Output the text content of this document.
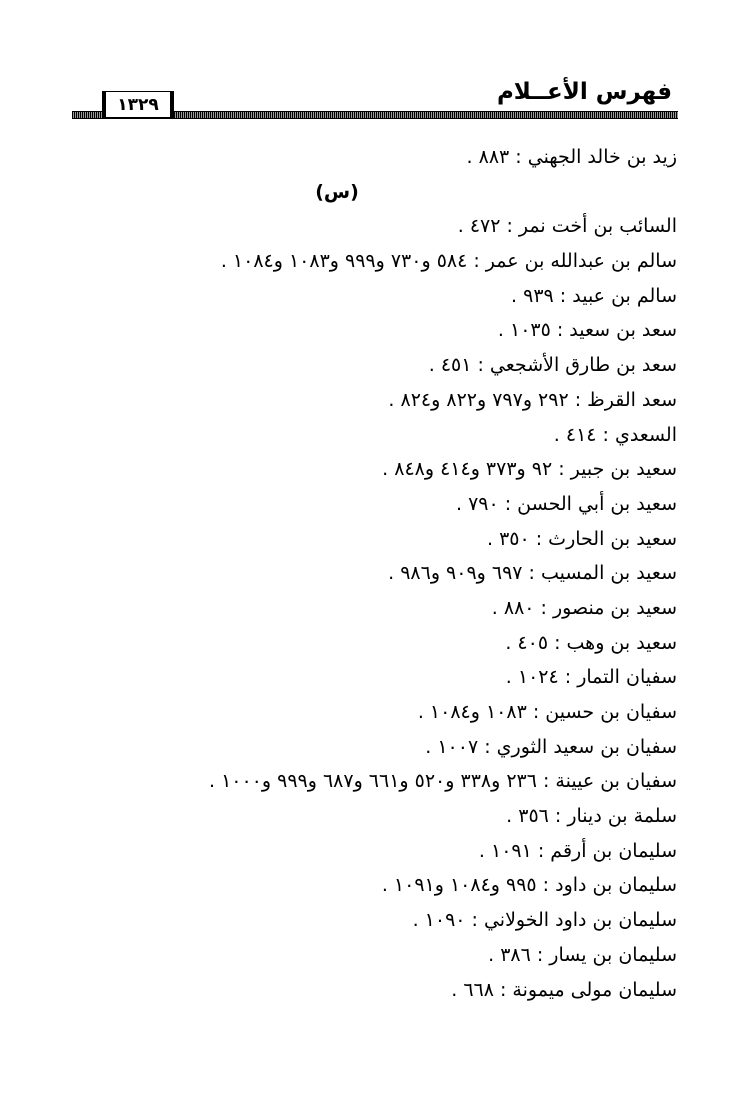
فهرس الأعــلام
١٣٢٩
زيد بن خالد الجهني : ٨٨٣ .
(س)
السائب بن أخت نمر : ٤٧٢ .
سالم بن عبدالله بن عمر : ٥٨٤ و٧٣٠ و٩٩٩ و١٠٨٣ و١٠٨٤ .
سالم بن عبيد : ٩٣٩ .
سعد بن سعيد : ١٠٣٥ .
سعد بن طارق الأشجعي : ٤٥١ .
سعد القرظ : ٢٩٢ و٧٩٧ و٨٢٢ و٨٢٤ .
السعدي : ٤١٤ .
سعيد بن جبير : ٩٢ و٣٧٣ و٤١٤ و٨٤٨ .
سعيد بن أبي الحسن : ٧٩٠ .
سعيد بن الحارث : ٣٥٠ .
سعيد بن المسيب : ٦٩٧ و٩٠٩ و٩٨٦ .
سعيد بن منصور : ٨٨٠ .
سعيد بن وهب : ٤٠٥ .
سفيان التمار : ١٠٢٤ .
سفيان بن حسين : ١٠٨٣ و١٠٨٤ .
سفيان بن سعيد الثوري : ١٠٠٧ .
سفيان بن عيينة : ٢٣٦ و٣٣٨ و٥٢٠ و٦٦١ و٦٨٧ و٩٩٩ و١٠٠٠ .
سلمة بن دينار : ٣٥٦ .
سليمان بن أرقم : ١٠٩١ .
سليمان بن داود : ٩٩٥ و١٠٨٤ و١٠٩١ .
سليمان بن داود الخولاني : ١٠٩٠ .
سليمان بن يسار : ٣٨٦ .
سليمان مولى ميمونة : ٦٦٨ .
